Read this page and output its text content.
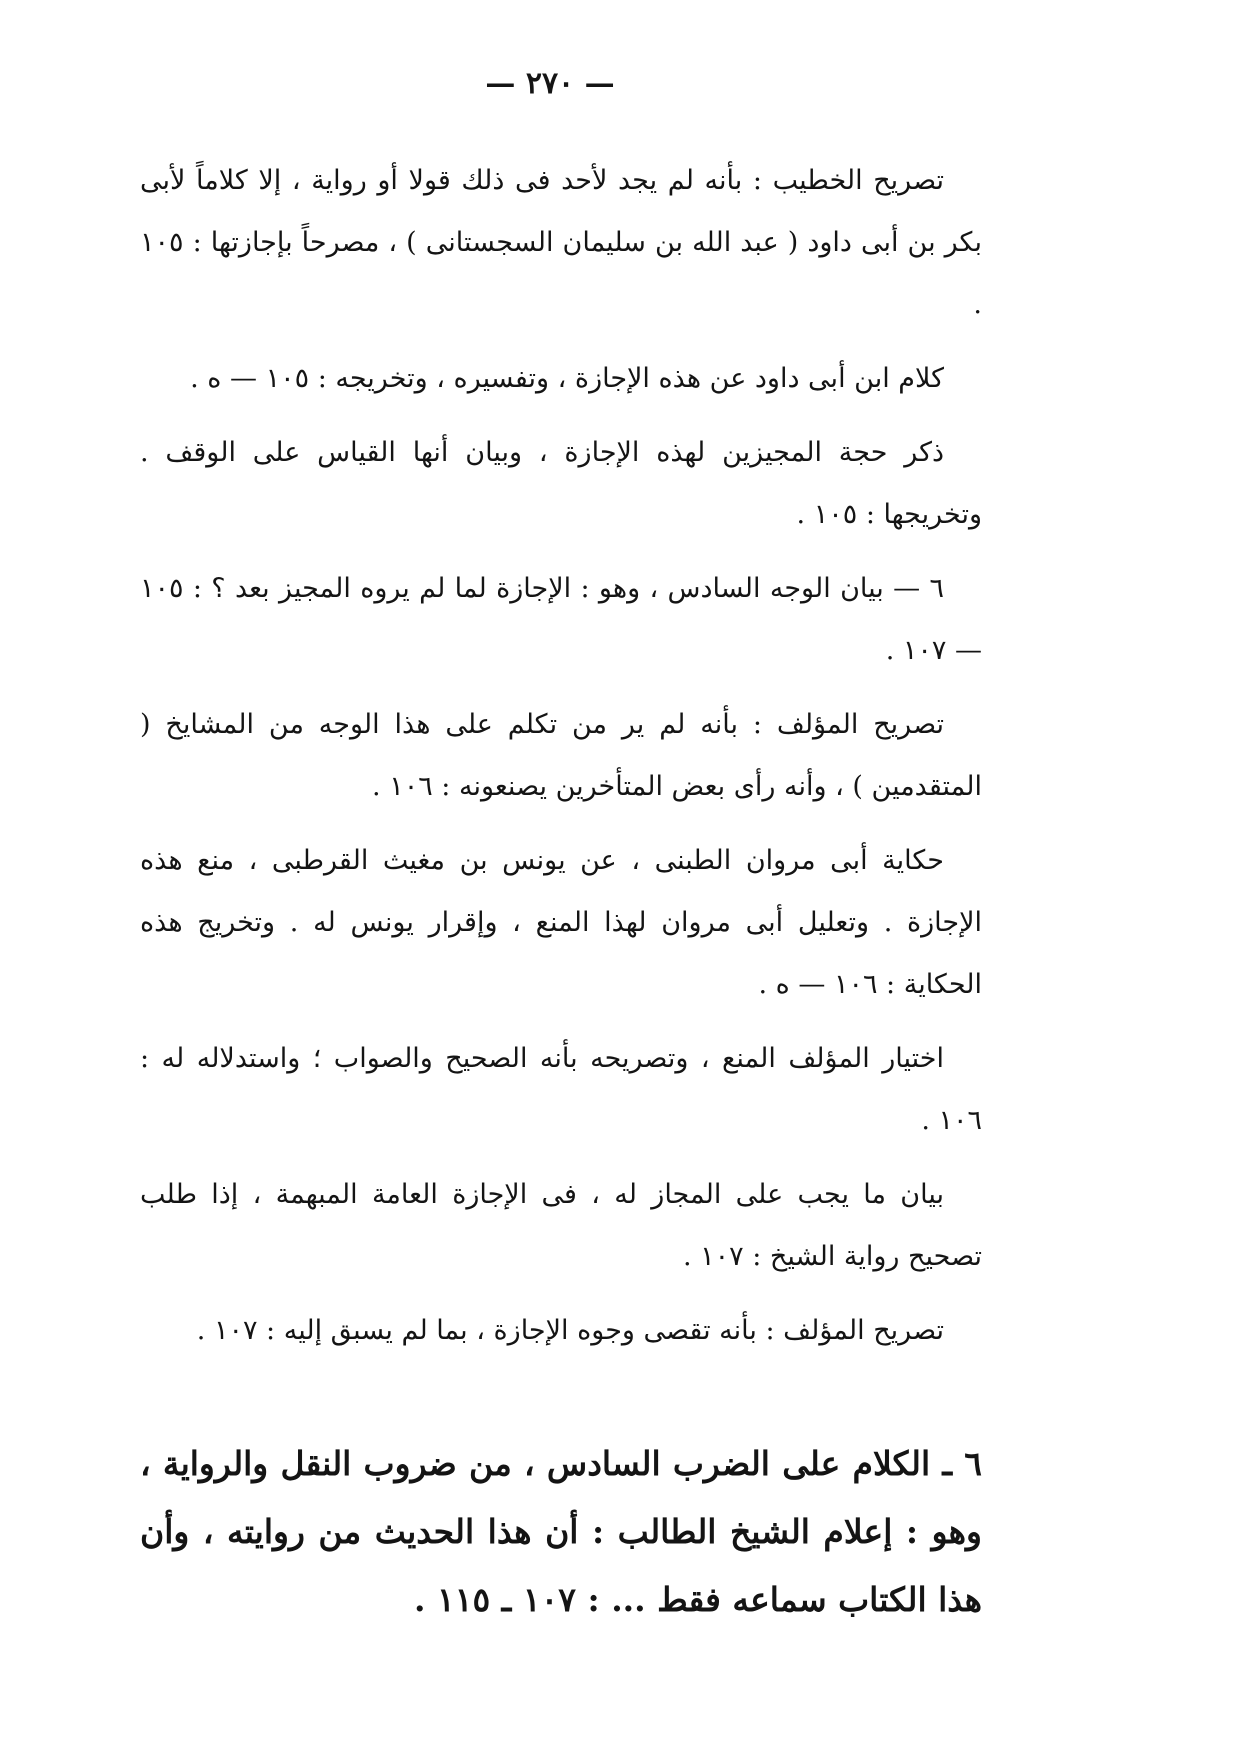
— ٢٧٠ —

تصريح الخطيب : بأنه لم يجد لأحد فى ذلك قولا أو رواية ، إلا كلاماً لأبى بكر بن أبى داود ( عبد الله بن سليمان السجستانى ) ، مصرحاً بإجازتها : ١٠٥ .

كلام ابن أبى داود عن هذه الإجازة ، وتفسيره ، وتخريجه : ١٠٥ — ه .

ذكر حجة المجيزين لهذه الإجازة ، وبيان أنها القياس على الوقف . وتخريجها : ١٠٥ .

٦ — بيان الوجه السادس ، وهو : الإجازة لما لم يروه المجيز بعد ؟ : ١٠٥ — ١٠٧ .

تصريح المؤلف : بأنه لم ير من تكلم على هذا الوجه من المشايخ ( المتقدمين ) ، وأنه رأى بعض المتأخرين يصنعونه : ١٠٦ .

حكاية أبى مروان الطبنى ، عن يونس بن مغيث القرطبى ، منع هذه الإجازة . وتعليل أبى مروان لهذا المنع ، وإقرار يونس له . وتخريج هذه الحكاية : ١٠٦ — ه .

اختيار المؤلف المنع ، وتصريحه بأنه الصحيح والصواب ؛ واستدلاله له : ١٠٦ .

بيان ما يجب على المجاز له ، فى الإجازة العامة المبهمة ، إذا طلب تصحيح رواية الشيخ : ١٠٧ .

تصريح المؤلف : بأنه تقصى وجوه الإجازة ، بما لم يسبق إليه : ١٠٧ .

٦ ـ الكلام على الضرب السادس ، من ضروب النقل والرواية ، وهو : إعلام الشيخ الطالب : أن هذا الحديث من روايته ، وأن هذا الكتاب سماعه فقط ... : ١٠٧ ـ ١١٥ .
